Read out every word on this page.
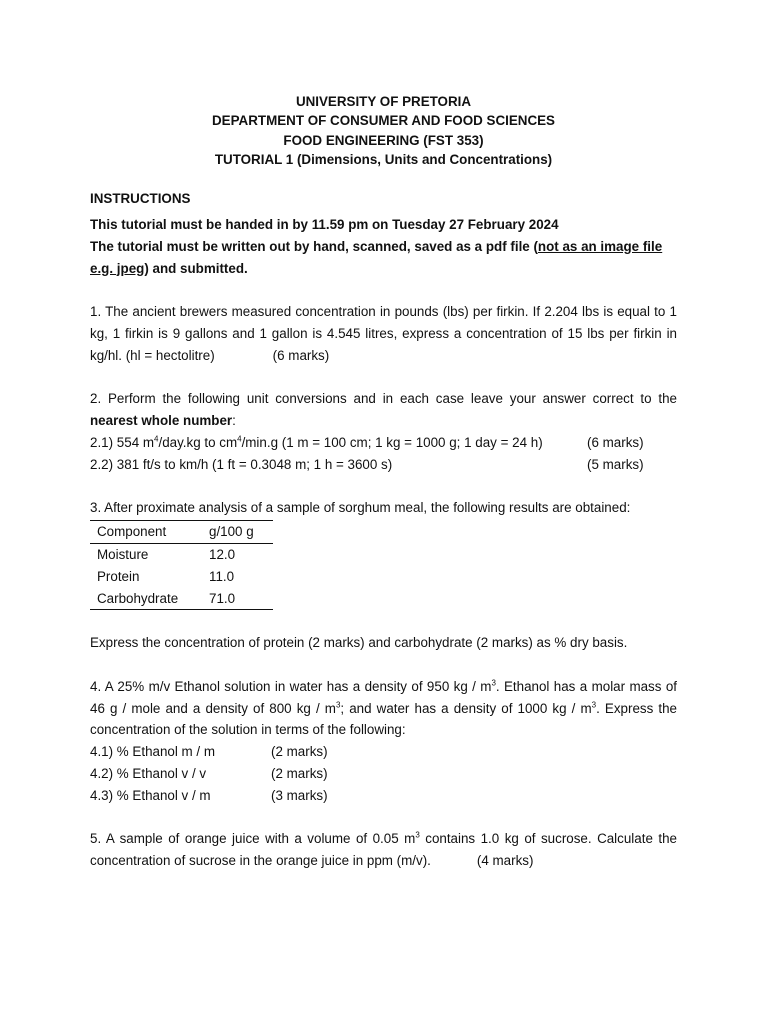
UNIVERSITY OF PRETORIA
DEPARTMENT OF CONSUMER AND FOOD SCIENCES
FOOD ENGINEERING (FST 353)
TUTORIAL 1 (Dimensions, Units and Concentrations)
INSTRUCTIONS
This tutorial must be handed in by 11.59 pm on Tuesday 27 February 2024
The tutorial must be written out by hand, scanned, saved as a pdf file (not as an image file
e.g. jpeg) and submitted.
1. The ancient brewers measured concentration in pounds (lbs) per firkin. If 2.204 lbs is equal to 1 kg, 1 firkin is 9 gallons and 1 gallon is 4.545 litres, express a concentration of 15 lbs per firkin in kg/hl. (hl = hectolitre)	(6 marks)
2. Perform the following unit conversions and in each case leave your answer correct to the nearest whole number:
2.1) 554 $m^4/day.kg$ to $cm^4/\min.g$ (1 m = 100 cm; 1 kg = 1000 g; 1 day = 24 h)	(6 marks)
2.2) 381 ft/s to km/h (1 ft = 0.3048 m; 1 h = 3600 s)	(5 marks)
3. After proximate analysis of a sample of sorghum meal, the following results are obtained:
Component	g/100 g
Moisture	12.0
Protein	11.0
Carbohydrate	71.0
Express the concentration of protein (2 marks) and carbohydrate (2 marks) as % dry basis.
4. A 25% m/v Ethanol solution in water has a density of 950 kg / $m^3$. Ethanol has a molar mass of 46 g / mole and a density of 800 kg / $m^3$; and water has a density of 1000 kg / $m^3$. Express the concentration of the solution in terms of the following:
4.1) % Ethanol m / m	(2 marks)
4.2) % Ethanol v / v	(2 marks)
4.3) % Ethanol v / m	(3 marks)
5. A sample of orange juice with a volume of 0.05 $m^3$ contains 1.0 kg of sucrose. Calculate the concentration of sucrose in the orange juice in ppm (m/v).	(4 marks)
